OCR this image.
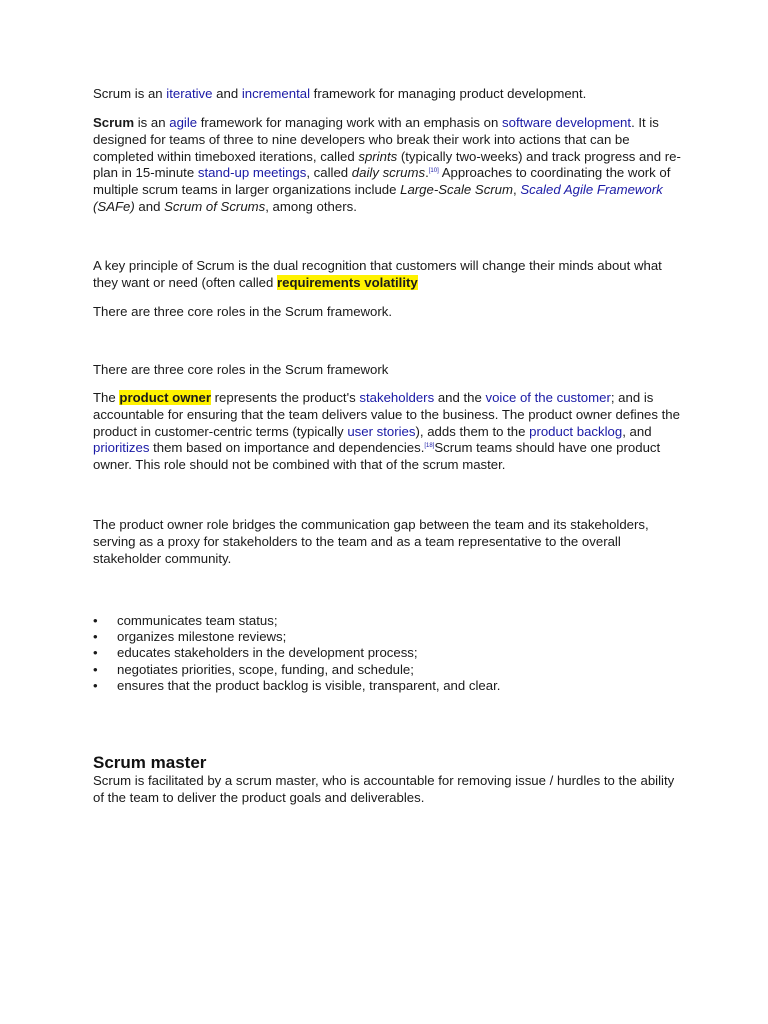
Scrum is an iterative and incremental framework for managing product development.

Scrum is an agile framework for managing work with an emphasis on software development. It is designed for teams of three to nine developers who break their work into actions that can be completed within timeboxed iterations, called sprints (typically two-weeks) and track progress and re-plan in 15-minute stand-up meetings, called daily scrums.[10] Approaches to coordinating the work of multiple scrum teams in larger organizations include Large-Scale Scrum, Scaled Agile Framework (SAFe) and Scrum of Scrums, among others.

A key principle of Scrum is the dual recognition that customers will change their minds about what they want or need (often called requirements volatility

There are three core roles in the Scrum framework.

There are three core roles in the Scrum framework

The product owner represents the product's stakeholders and the voice of the customer; and is accountable for ensuring that the team delivers value to the business. The product owner defines the product in customer-centric terms (typically user stories), adds them to the product backlog, and prioritizes them based on importance and dependencies.[18]Scrum teams should have one product owner. This role should not be combined with that of the scrum master.

The product owner role bridges the communication gap between the team and its stakeholders, serving as a proxy for stakeholders to the team and as a team representative to the overall stakeholder community.

• communicates team status;
• organizes milestone reviews;
• educates stakeholders in the development process;
• negotiates priorities, scope, funding, and schedule;
• ensures that the product backlog is visible, transparent, and clear.
Scrum master

Scrum is facilitated by a scrum master, who is accountable for removing issue / hurdles to the ability of the team to deliver the product goals and deliverables.
